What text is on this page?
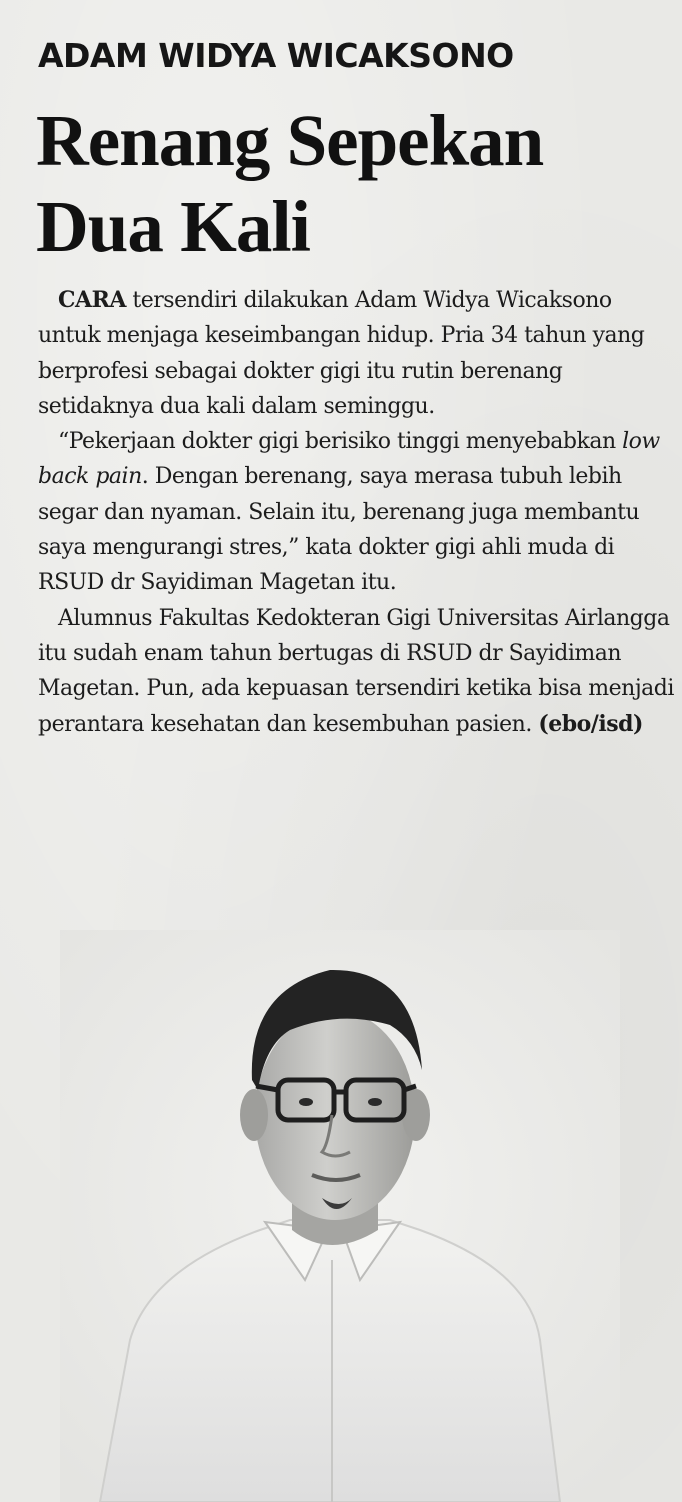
ADAM WIDYA WICAKSONO
Renang Sepekan Dua Kali

CARA tersendiri dilakukan Adam Widya Wicaksono untuk menjaga keseimbangan hidup. Pria 34 tahun yang berprofesi sebagai dokter gigi itu rutin berenang setidaknya dua kali dalam seminggu.

“Pekerjaan dokter gigi berisiko tinggi menyebabkan low back pain. Dengan berenang, saya merasa tubuh lebih segar dan nyaman. Selain itu, berenang juga membantu saya mengurangi stres,” kata dokter gigi ahli muda di RSUD dr Sayidiman Magetan itu.

Alumnus Fakultas Kedokteran Gigi Universitas Airlangga itu sudah enam tahun bertugas di RSUD dr Sayidiman Magetan. Pun, ada kepuasan tersendiri ketika bisa menjadi perantara kesehatan dan kesembuhan pasien. (ebo/isd)
